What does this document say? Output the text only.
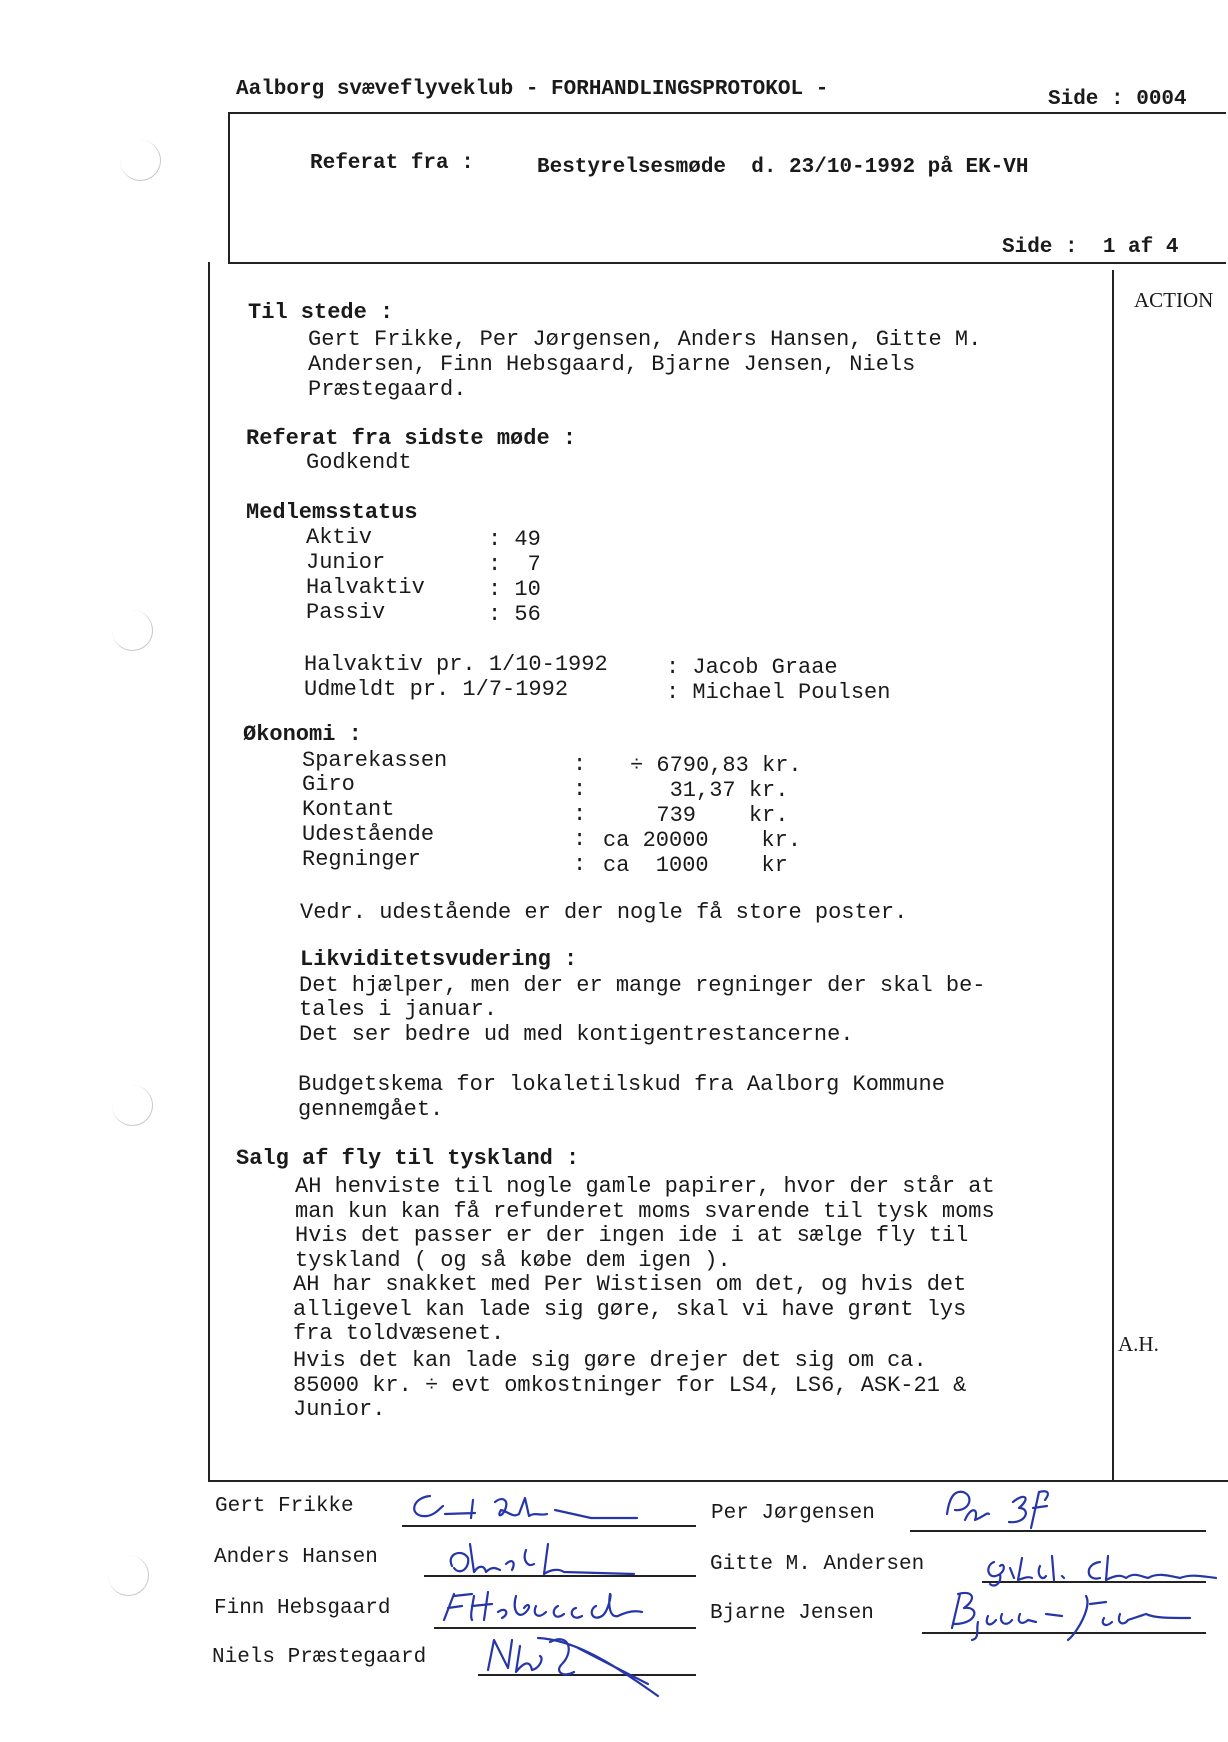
Aalborg svæveflyveklub - FORHANDLINGSPROTOKOL -	Side : 0004
Referat fra :	Bestyrelsesmøde  d. 23/10-1992 på EK-VH
Side :  1 af 4
ACTION
A.H.
Til stede :
Gert Frikke, Per Jørgensen, Anders Hansen, Gitte M.
Andersen, Finn Hebsgaard, Bjarne Jensen, Niels
Præstegaard.
Referat fra sidste møde :
Godkendt
Medlemsstatus
Aktiv	: 49
Junior	:  7
Halvaktiv	: 10
Passiv	: 56
Halvaktiv pr. 1/10-1992	: Jacob Graae
Udmeldt pr. 1/7-1992	: Michael Poulsen
Økonomi :
Sparekassen	: ÷ 6790,83 kr.
Giro	: 31,37 kr.
Kontant	: 739    kr.
Udestående	: ca 20000    kr.
Regninger	: ca  1000    kr
Vedr. udestående er der nogle få store poster.
Likviditetsvudering :
Det hjælper, men der er mange regninger der skal be-
tales i januar.
Det ser bedre ud med kontigentrestancerne.
Budgetskema for lokaletilskud fra Aalborg Kommune
gennemgået.
Salg af fly til tyskland :
AH henviste til nogle gamle papirer, hvor der står at
man kun kan få refunderet moms svarende til tysk moms
Hvis det passer er der ingen ide i at sælge fly til
tyskland ( og så købe dem igen ).
AH har snakket med Per Wistisen om det, og hvis det
alligevel kan lade sig gøre, skal vi have grønt lys
fra toldvæsenet.
Hvis det kan lade sig gøre drejer det sig om ca.
85000 kr. ÷ evt omkostninger for LS4, LS6, ASK-21 &
Junior.
Gert Frikke	Per Jørgensen
Anders Hansen	Gitte M. Andersen
Finn Hebsgaard	Bjarne Jensen
Niels Præstegaard
